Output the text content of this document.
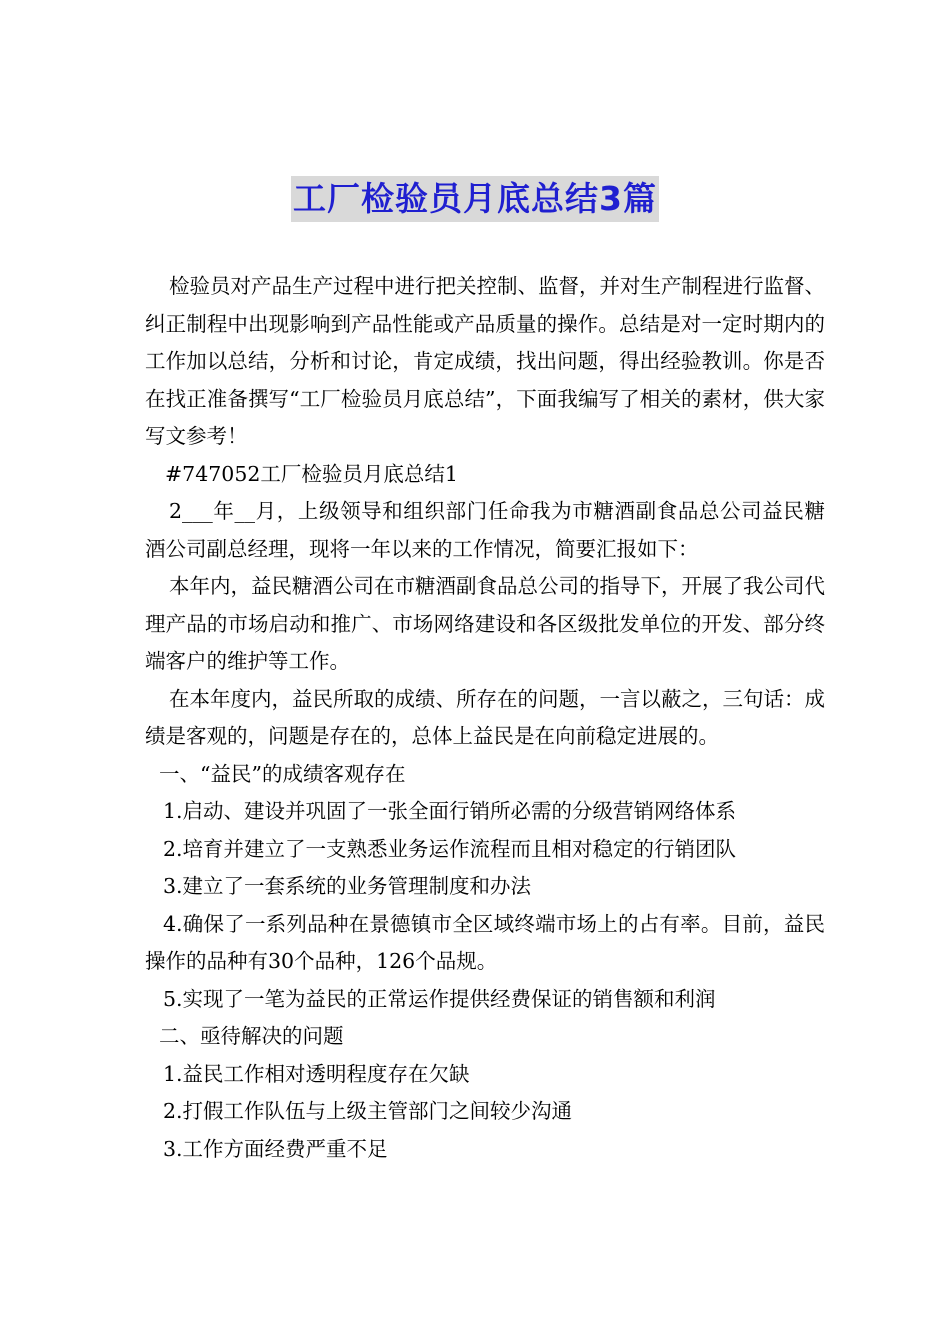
工厂检验员月底总结3篇

检验员对产品生产过程中进行把关控制、监督，并对生产制程进行监督、纠正制程中出现影响到产品性能或产品质量的操作。总结是对一定时期内的工作加以总结，分析和讨论，肯定成绩，找出问题，得出经验教训。你是否在找正准备撰写“工厂检验员月底总结”，下面我编写了相关的素材，供大家写文参考！

#747052工厂检验员月底总结1

2___年__月，上级领导和组织部门任命我为市糖酒副食品总公司益民糖酒公司副总经理，现将一年以来的工作情况，简要汇报如下：

本年内，益民糖酒公司在市糖酒副食品总公司的指导下，开展了我公司代理产品的市场启动和推广、市场网络建设和各区级批发单位的开发、部分终端客户的维护等工作。

在本年度内，益民所取的成绩、所存在的问题，一言以蔽之，三句话：成绩是客观的，问题是存在的，总体上益民是在向前稳定进展的。

一、“益民”的成绩客观存在

1.启动、建设并巩固了一张全面行销所必需的分级营销网络体系

2.培育并建立了一支熟悉业务运作流程而且相对稳定的行销团队

3.建立了一套系统的业务管理制度和办法

4.确保了一系列品种在景德镇市全区域终端市场上的占有率。目前，益民操作的品种有30个品种，126个品规。

5.实现了一笔为益民的正常运作提供经费保证的销售额和利润

二、亟待解决的问题

1.益民工作相对透明程度存在欠缺

2.打假工作队伍与上级主管部门之间较少沟通

3.工作方面经费严重不足
